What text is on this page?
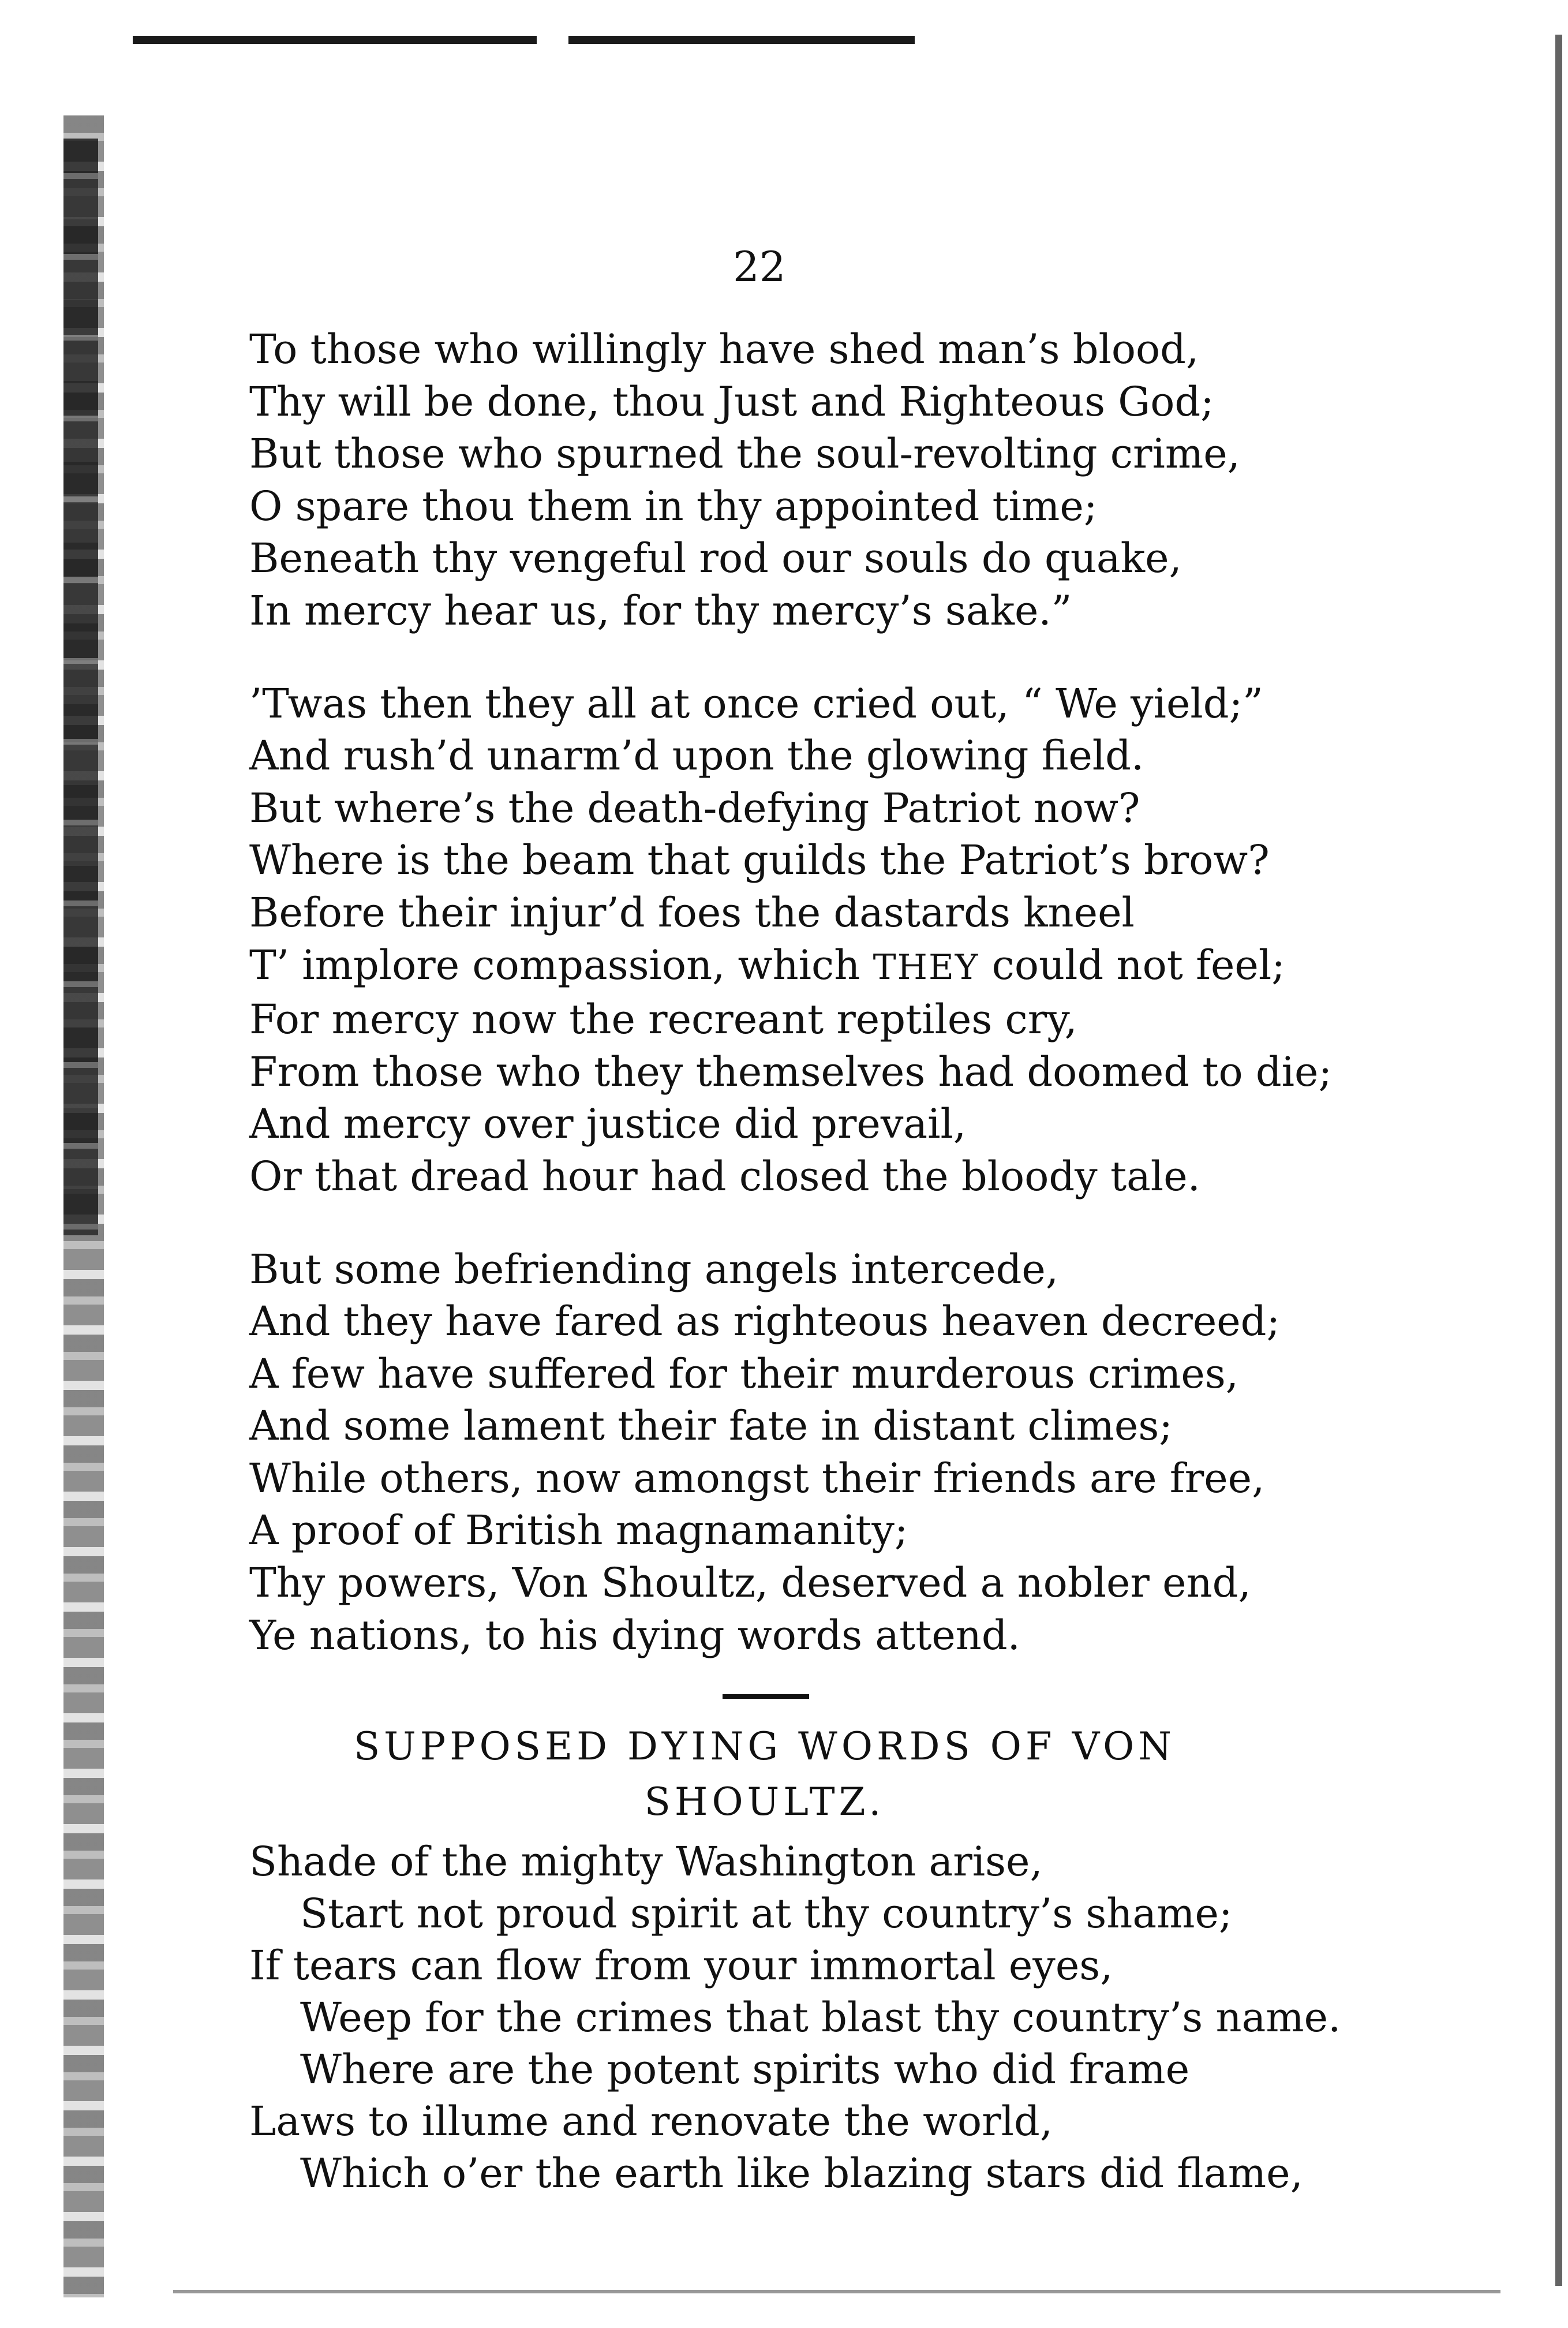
22
To those who willingly have shed man’s blood,
Thy will be done, thou Just and Righteous God;
But those who spurned the soul-revolting crime,
O spare thou them in thy appointed time;
Beneath thy vengeful rod our souls do quake,
In mercy hear us, for thy mercy’s sake.”
’Twas then they all at once cried out, “ We yield;”
And rush’d unarm’d upon the glowing field.
But where’s the death-defying Patriot now?
Where is the beam that guilds the Patriot’s brow?
Before their injur’d foes the dastards kneel
T’ implore compassion, which THEY could not feel;
For mercy now the recreant reptiles cry,
From those who they themselves had doomed to die;
And mercy over justice did prevail,
Or that dread hour had closed the bloody tale.
But some befriending angels intercede,
And they have fared as righteous heaven decreed;
A few have suffered for their murderous crimes,
And some lament their fate in distant climes;
While others, now amongst their friends are free,
A proof of British magnamanity;
Thy powers, Von Shoultz, deserved a nobler end,
Ye nations, to his dying words attend.
SUPPOSED DYING WORDS OF VON
SHOULTZ.
Shade of the mighty Washington arise,
Start not proud spirit at thy country’s shame;
If tears can flow from your immortal eyes,
Weep for the crimes that blast thy country’s name.
Where are the potent spirits who did frame
Laws to illume and renovate the world,
Which o’er the earth like blazing stars did flame,
